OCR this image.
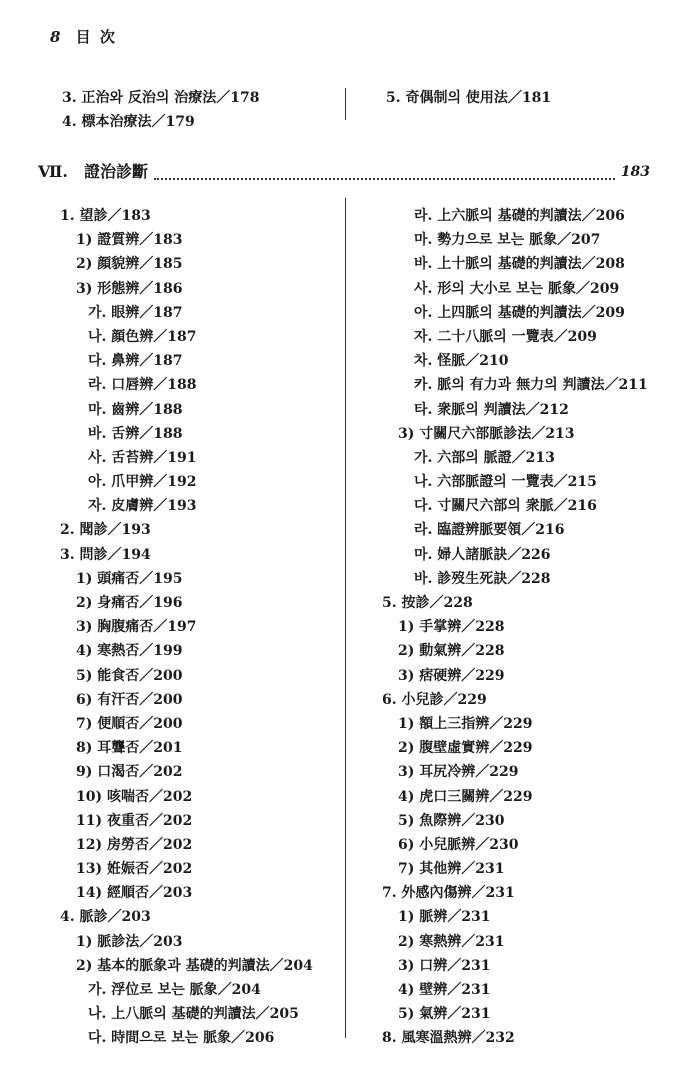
8 目 次
3. 正治와 反治의 治療法／178
4. 標本治療法／179
5. 奇偶制의 使用法／181
Ⅶ. 證治診斷	183
1. 望診／183
1) 證質辨／183
2) 顔貌辨／185
3) 形態辨／186
가. 眼辨／187
나. 顔色辨／187
다. 鼻辨／187
라. 口唇辨／188
마. 齒辨／188
바. 舌辨／188
사. 舌苔辨／191
아. 爪甲辨／192
자. 皮膚辨／193
2. 聞診／193
3. 問診／194
1) 頭痛否／195
2) 身痛否／196
3) 胸腹痛否／197
4) 寒熱否／199
5) 能食否／200
6) 有汗否／200
7) 便順否／200
8) 耳聾否／201
9) 口渴否／202
10) 咳喘否／202
11) 夜重否／202
12) 房勞否／202
13) 姙娠否／202
14) 經順否／203
4. 脈診／203
1) 脈診法／203
2) 基本的脈象과 基礎的判讀法／204
가. 浮位로 보는 脈象／204
나. 上八脈의 基礎的判讀法／205
다. 時間으로 보는 脈象／206
라. 上六脈의 基礎的判讀法／206
마. 勢力으로 보는 脈象／207
바. 上十脈의 基礎的判讀法／208
사. 形의 大小로 보는 脈象／209
아. 上四脈의 基礎的判讀法／209
자. 二十八脈의 一覽表／209
차. 怪脈／210
카. 脈의 有力과 無力의 判讀法／211
타. 衆脈의 判讀法／212
3) 寸關尺六部脈診法／213
가. 六部의 脈證／213
나. 六部脈證의 一覽表／215
다. 寸關尺六部의 衆脈／216
라. 臨證辨脈要領／216
마. 婦人諸脈訣／226
바. 診歿生死訣／228
5. 按診／228
1) 手掌辨／228
2) 動氣辨／228
3) 痞硬辨／229
6. 小兒診／229
1) 額上三指辨／229
2) 腹壁虛實辨／229
3) 耳尻冷辨／229
4) 虎口三關辨／229
5) 魚際辨／230
6) 小兒脈辨／230
7) 其他辨／231
7. 外感內傷辨／231
1) 脈辨／231
2) 寒熱辨／231
3) 口辨／231
4) 壁辨／231
5) 氣辨／231
8. 風寒溫熱辨／232
